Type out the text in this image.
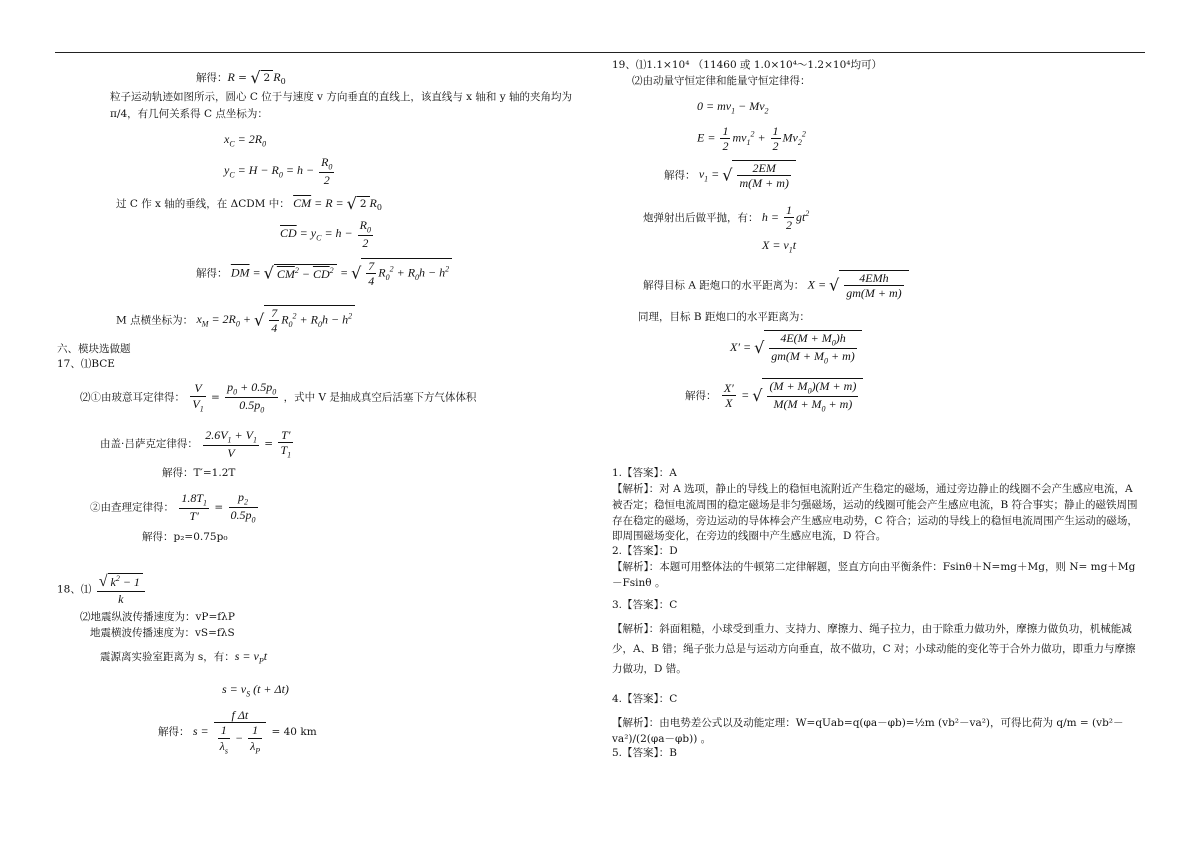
解得：R = √ 2 $R_0$
粒子运动轨迹如图所示，圆心 C 位于与速度 v 方向垂直的直线上，该直线与 x 轴和 y 轴的夹角均为
π/4，有几何关系得 C 点坐标为：
$x_C = 2R_0$
$y_C = H - R_0 = h - \frac{R_0}{2}$
过 C 作 x 轴的垂线，在 ΔCDM 中： $\overline{CM} = R$ = √ 2 $R_0$
$\overline{CD} = y_C = h - \frac{R_0}{2}$
解得： $\overline{DM}$ = √ $CM^2 - \overline{CD}^2$ = √ $\frac{7}{4} R_0^2 + R_0h - h^2$
M 点横坐标为： $x_M = 2R_0$ + √ $\frac{7}{4} R_0^2 + R_0h - h^2$
六、模块选做题
17、⑴BCE
⑵①由玻意耳定律得： $\frac{V}{V_1} = \frac{p_0 + 0.5p_0}{0.5p_0}$ ，式中 V 是抽成真空后活塞下方气体体积
由盖·吕萨克定律得： $\frac{2.6V_1 + V_1}{V} = \frac{T'}{T_1}$
解得：T′=1.2T
②由查理定律得： $\frac{1.8T_1}{T'} = \frac{p_2}{0.5p_0}$
解得：p₂=0.75p₀
18、⑴ $\frac{√ k^2 - 1}{k}$
⑵地震纵波传播速度为：vP=fλP
地震横波传播速度为：vS=fλS
震源离实验室距离为 s，有：$s = v_Pt$
$s = v_S$ (t + Δt)
解得： $s = \frac{\text{f Δt}}{\frac{1}{\lambda_s} - \frac{1}{\lambda_P}} = 40$ km
19、⑴1.1×10⁴ （11460 或 1.0×10⁴～1.2×10⁴均可）
⑵由动量守恒定律和能量守恒定律得：
$0 = mv_1 - Mv_2$
$E = \frac{1}{2} mv_1^2 + \frac{1}{2} Mv_2^2$
解得： $v_1$ = √ $\frac{2EM}{m(M + m)}$
炮弹射出后做平抛，有： $h = \frac{1}{2} gt^2$
$X = v_1t$
解得目标 A 距炮口的水平距离为： X = √ $\frac{\text{4EMh}}{gm(M + m)}$
同理，目标 B 距炮口的水平距离为：
X′ = √ $\frac{4E(M + M_0)h}{gm(M + M_0 + m)}$
解得： $\frac{X'}{X}$ = √ $\frac{(M + M_0)(M + m)}{M(M + M_0 + m)}$
1.【答案】：A
【解析】：对 A 选项，静止的导线上的稳恒电流附近产生稳定的磁场，通过旁边静止的线圈不会产生感应电流，A 被否定；稳恒电流周围的稳定磁场是非匀强磁场，运动的线圈可能会产生感应电流，B 符合事实；静止的磁铁周围存在稳定的磁场，旁边运动的导体棒会产生感应电动势，C 符合；运动的导线上的稳恒电流周围产生运动的磁场，即周围磁场变化，在旁边的线圈中产生感应电流，D 符合。
2.【答案】：D
【解析】：本题可用整体法的牛顿第二定律解题，竖直方向由平衡条件：Fsinθ＋N=mg＋Mg，则 N= mg＋Mg－Fsinθ 。
3.【答案】：C
【解析】：斜面粗糙，小球受到重力、支持力、摩擦力、绳子拉力，由于除重力做功外，摩擦力做负功，机械能减少，A、B 错；绳子张力总是与运动方向垂直，故不做功，C 对；小球动能的变化等于合外力做功，即重力与摩擦力做功，D 错。
4.【答案】：C
【解析】：由电势差公式以及动能定理：W=qUab=q(φa－φb)=½m (vb²－va²)，可得比荷为 q/m = (vb²－va²)/(2(φa－φb)) 。
5.【答案】：B
